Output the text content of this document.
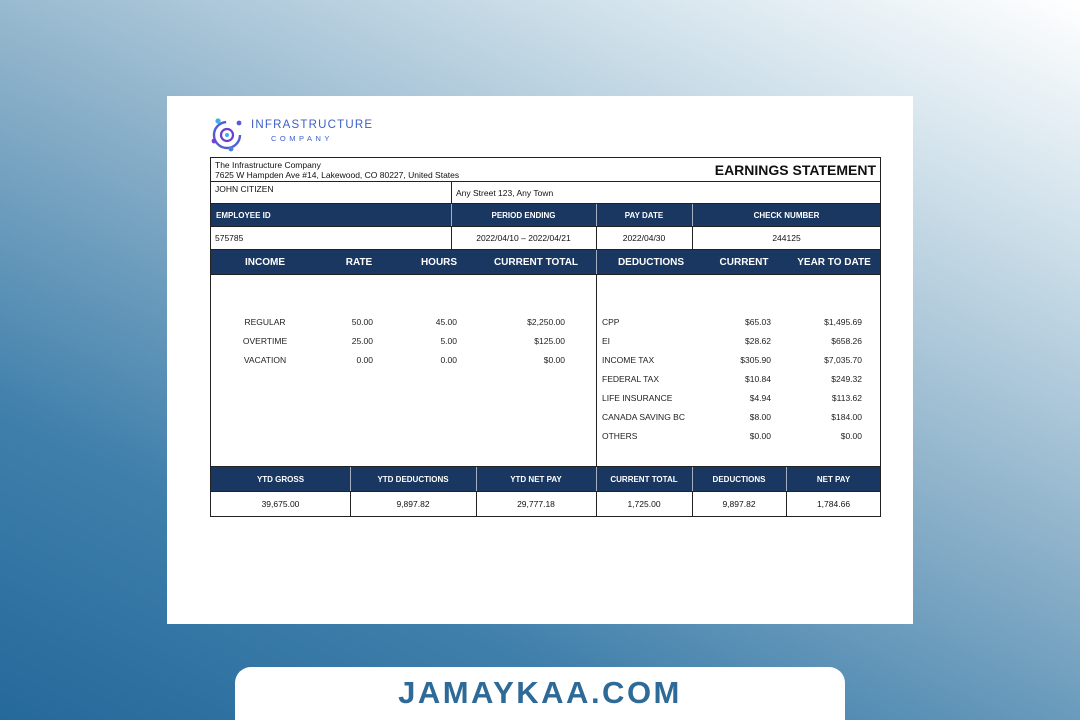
INFRASTRUCTURE
COMPANY
The Infrastructure Company
7625 W Hampden Ave #14, Lakewood, CO 80227, United States	EARNINGS STATEMENT
JOHN CITIZEN	Any Street 123, Any Town
EMPLOYEE ID	PERIOD ENDING	PAY DATE	CHECK NUMBER
575785	2022/04/10 – 2022/04/21	2022/04/30	244125
INCOME	RATE	HOURS	CURRENT TOTAL	DEDUCTIONS	CURRENT	YEAR TO DATE
REGULAR	50.00	45.00	$2,250.00
OVERTIME	25.00	5.00	$125.00
VACATION	0.00	0.00	$0.00
CPP	$65.03	$1,495.69
EI	$28.62	$658.26
INCOME TAX	$305.90	$7,035.70
FEDERAL TAX	$10.84	$249.32
LIFE INSURANCE	$4.94	$113.62
CANADA SAVING BC	$8.00	$184.00
OTHERS	$0.00	$0.00
YTD GROSS	YTD DEDUCTIONS	YTD NET PAY	CURRENT TOTAL	DEDUCTIONS	NET PAY
39,675.00	9,897.82	29,777.18	1,725.00	9,897.82	1,784.66
JAMAYKAA.COM
